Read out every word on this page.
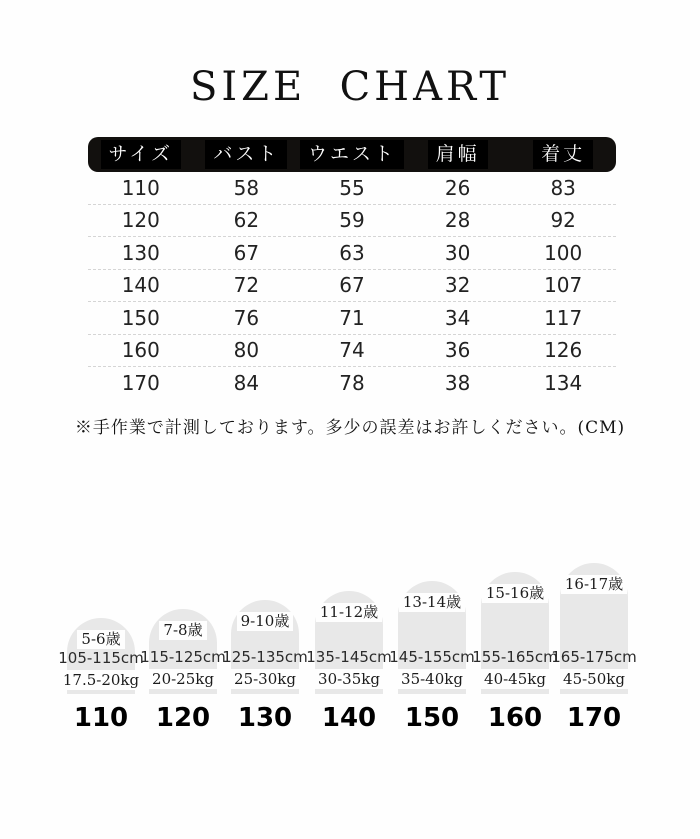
SIZE  CHART
サイズ	バスト	ウエスト	肩幅	着丈
110	58	55	26	83
120	62	59	28	92
130	67	63	30	100
140	72	67	32	107
150	76	71	34	117
160	80	74	36	126
170	84	78	38	134

※手作業で計測しております。多少の誤差はお許しください。(CM)

5-6歳
105-115cm
17.5-20kg
110
7-8歳
115-125cm
20-25kg
120
9-10歳
125-135cm
25-30kg
130
11-12歳
135-145cm
30-35kg
140
13-14歳
145-155cm
35-40kg
150
15-16歳
155-165cm
40-45kg
160
16-17歳
165-175cm
45-50kg
170
